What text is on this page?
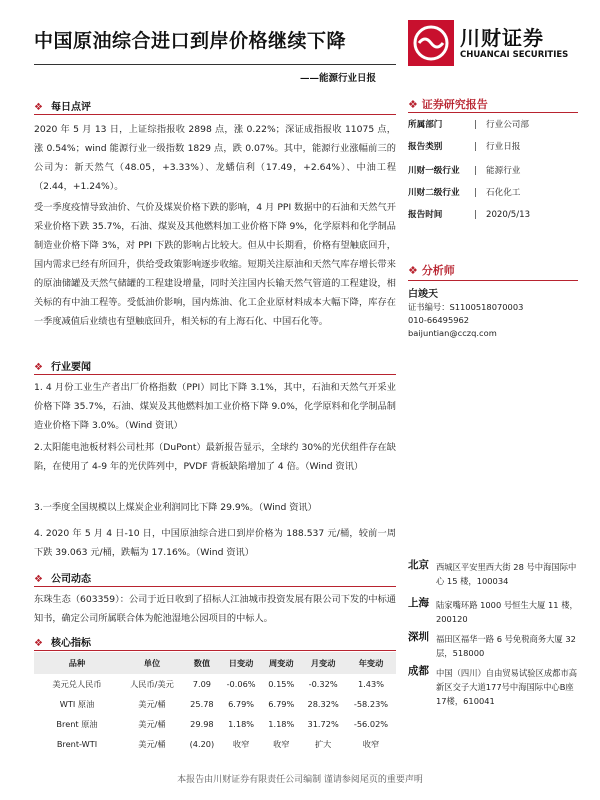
中国原油综合进口到岸价格继续下降	川财证券
CHUANCAI SECURITIES
——能源行业日报
❖ 每日点评
2020 年 5 月 13 日，上证综指报收 2898 点，涨 0.22%；深证成指报收 11075 点，涨 0.54%；wind 能源行业一级指数 1829 点，跌 0.07%。其中，能源行业涨幅前三的公司为：新天然气（48.05，+3.33%）、龙蟠信利（17.49，+2.64%）、中油工程（2.44，+1.24%）。
受一季度疫情导致油价、气价及煤炭价格下跌的影响，4 月 PPI 数据中的石油和天然气开采业价格下跌 35.7%，石油、煤炭及其他燃料加工业价格下降 9%，化学原料和化学制品制造业价格下降 3%，对 PPI 下跌的影响占比较大。但从中长期看，价格有望触底回升，国内需求已经有所回升，供给受政策影响逐步收缩。短期关注原油和天然气库存增长带来的原油储罐及天然气储罐的工程建设增量，同时关注国内长输天然气管道的工程建设，相关标的有中油工程等。受低油价影响，国内炼油、化工企业原材料成本大幅下降，库存在一季度减值后业绩也有望触底回升，相关标的有上海石化、中国石化等。
❖ 行业要闻
1. 4 月份工业生产者出厂价格指数（PPI）同比下降 3.1%，其中，石油和天然气开采业价格下降 35.7%，石油、煤炭及其他燃料加工业价格下降 9.0%，化学原料和化学制品制造业价格下降 3.0%。（Wind 资讯）
2.太阳能电池板材料公司杜邦（DuPont）最新报告显示，全球约 30%的光伏组件存在缺陷，在使用了 4-9 年的光伏阵列中，PVDF 背板缺陷增加了 4 倍。（Wind 资讯）
3.一季度全国规模以上煤炭企业利润同比下降 29.9%。（Wind 资讯）
4. 2020 年 5 月 4 日-10 日，中国原油综合进口到岸价格为 188.537 元/桶，较前一周下跌 39.063 元/桶，跌幅为 17.16%。（Wind 资讯）
❖ 公司动态
东珠生态（603359）：公司于近日收到了招标人江油城市投资发展有限公司下发的中标通知书，确定公司所属联合体为舵池湿地公园项目的中标人。
❖ 核心指标
品种	单位	数值	日变动	周变动	月变动	年变动
美元兑人民币	人民币/美元	7.09	-0.06%	0.15%	-0.32%	1.43%
WTI 原油	美元/桶	25.78	6.79%	6.79%	28.32%	-58.23%
Brent 原油	美元/桶	29.98	1.18%	1.18%	31.72%	-56.02%
Brent-WTI	美元/桶	(4.20)	收窄	收窄	扩大	收窄
❖ 证券研究报告
所属部门	| 行业公司部
报告类别	| 行业日报
川财一级行业 | 能源行业
川财二级行业 | 石化化工
报告时间	| 2020/5/13
❖ 分析师
白竣天
证书编号：S1100518070003
010-66495962
baijuntian@cczq.com
北京 西城区平安里西大街 28 号中海国际中心 15 楼，100034
上海 陆家嘴环路 1000 号恒生大厦 11 楼，200120
深圳 福田区福华一路 6 号免税商务大厦 32 层，518000
成都 中国（四川）自由贸易试验区成都市高新区交子大道177号中海国际中心B座 17楼，610041
本报告由川财证券有限责任公司编制 谨请参阅尾页的重要声明
